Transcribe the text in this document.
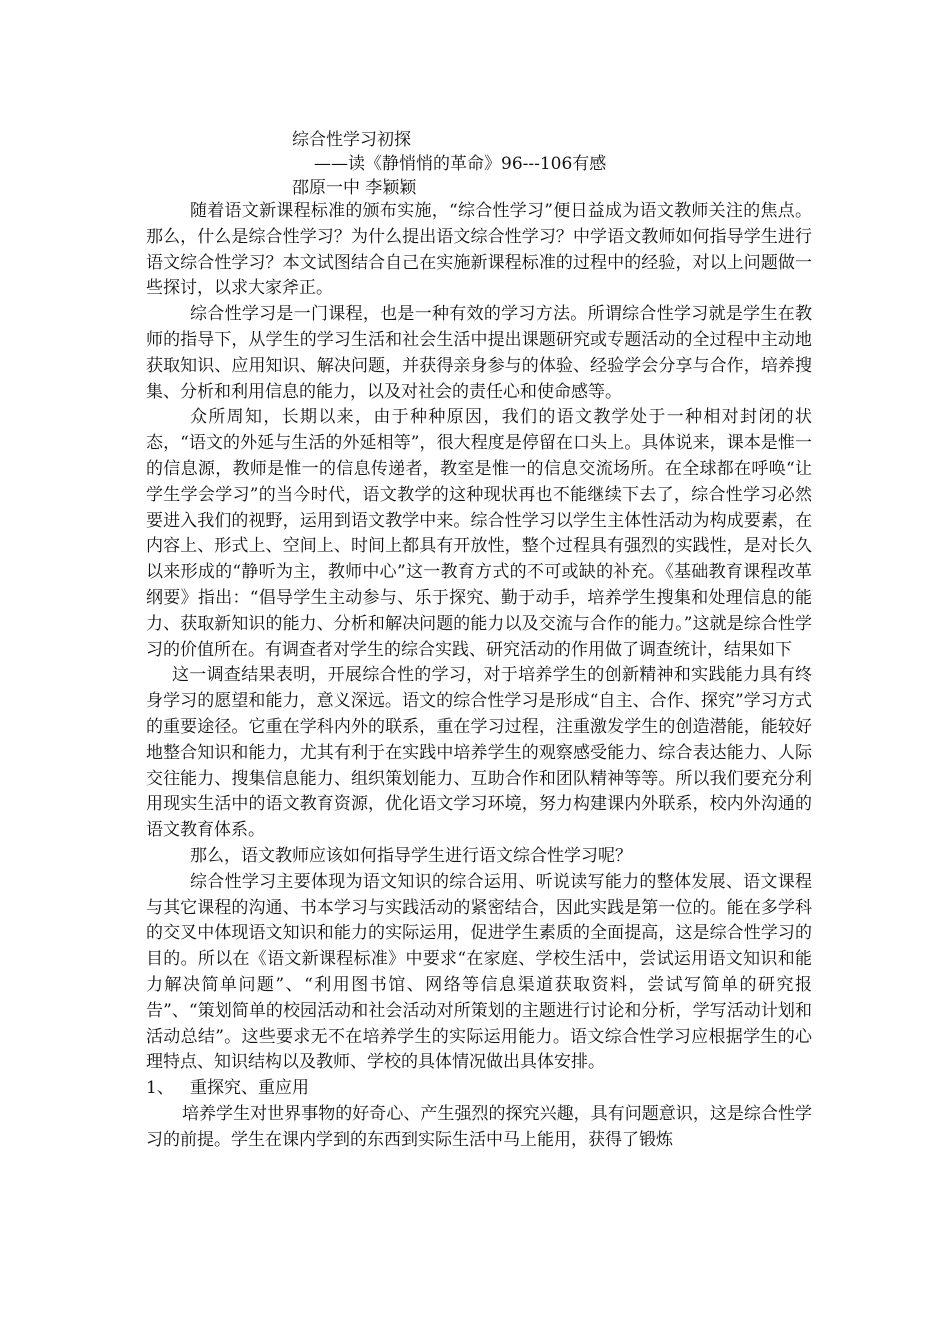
综合性学习初探
——读《静悄悄的革命》96---106有感
邵原一中 李颖颖

随着语文新课程标准的颁布实施，“综合性学习”便日益成为语文教师关注的焦点。那么，什么是综合性学习？为什么提出语文综合性学习？中学语文教师如何指导学生进行语文综合性学习？本文试图结合自己在实施新课程标准的过程中的经验，对以上问题做一些探讨，以求大家斧正。

综合性学习是一门课程，也是一种有效的学习方法。所谓综合性学习就是学生在教师的指导下，从学生的学习生活和社会生活中提出课题研究或专题活动的全过程中主动地获取知识、应用知识、解决问题，并获得亲身参与的体验、经验学会分享与合作，培养搜集、分析和利用信息的能力，以及对社会的责任心和使命感等。

众所周知，长期以来，由于种种原因，我们的语文教学处于一种相对封闭的状态，“语文的外延与生活的外延相等”，很大程度是停留在口头上。具体说来，课本是惟一的信息源，教师是惟一的信息传递者，教室是惟一的信息交流场所。在全球都在呼唤“让学生学会学习”的当今时代，语文教学的这种现状再也不能继续下去了，综合性学习必然要进入我们的视野，运用到语文教学中来。综合性学习以学生主体性活动为构成要素，在内容上、形式上、空间上、时间上都具有开放性，整个过程具有强烈的实践性，是对长久以来形成的“静听为主，教师中心”这一教育方式的不可或缺的补充。《基础教育课程改革纲要》指出：“倡导学生主动参与、乐于探究、勤于动手，培养学生搜集和处理信息的能力、获取新知识的能力、分析和解决问题的能力以及交流与合作的能力。”这就是综合性学习的价值所在。有调查者对学生的综合实践、研究活动的作用做了调查统计，结果如下

这一调查结果表明，开展综合性的学习，对于培养学生的创新精神和实践能力具有终身学习的愿望和能力，意义深远。语文的综合性学习是形成“自主、合作、探究”学习方式的重要途径。它重在学科内外的联系，重在学习过程，注重激发学生的创造潜能，能较好地整合知识和能力，尤其有利于在实践中培养学生的观察感受能力、综合表达能力、人际交往能力、搜集信息能力、组织策划能力、互助合作和团队精神等等。所以我们要充分利用现实生活中的语文教育资源，优化语文学习环境，努力构建课内外联系，校内外沟通的语文教育体系。

那么，语文教师应该如何指导学生进行语文综合性学习呢？

综合性学习主要体现为语文知识的综合运用、听说读写能力的整体发展、语文课程与其它课程的沟通、书本学习与实践活动的紧密结合，因此实践是第一位的。能在多学科的交叉中体现语文知识和能力的实际运用，促进学生素质的全面提高，这是综合性学习的目的。所以在《语文新课程标准》中要求“在家庭、学校生活中，尝试运用语文知识和能力解决简单问题”、“利用图书馆、网络等信息渠道获取资料，尝试写简单的研究报告”、“策划简单的校园活动和社会活动对所策划的主题进行讨论和分析，学写活动计划和活动总结”。这些要求无不在培养学生的实际运用能力。语文综合性学习应根据学生的心理特点、知识结构以及教师、学校的具体情况做出具体安排。

1、 重探究、重应用

培养学生对世界事物的好奇心、产生强烈的探究兴趣，具有问题意识，这是综合性学习的前提。学生在课内学到的东西到实际生活中马上能用，获得了锻炼
